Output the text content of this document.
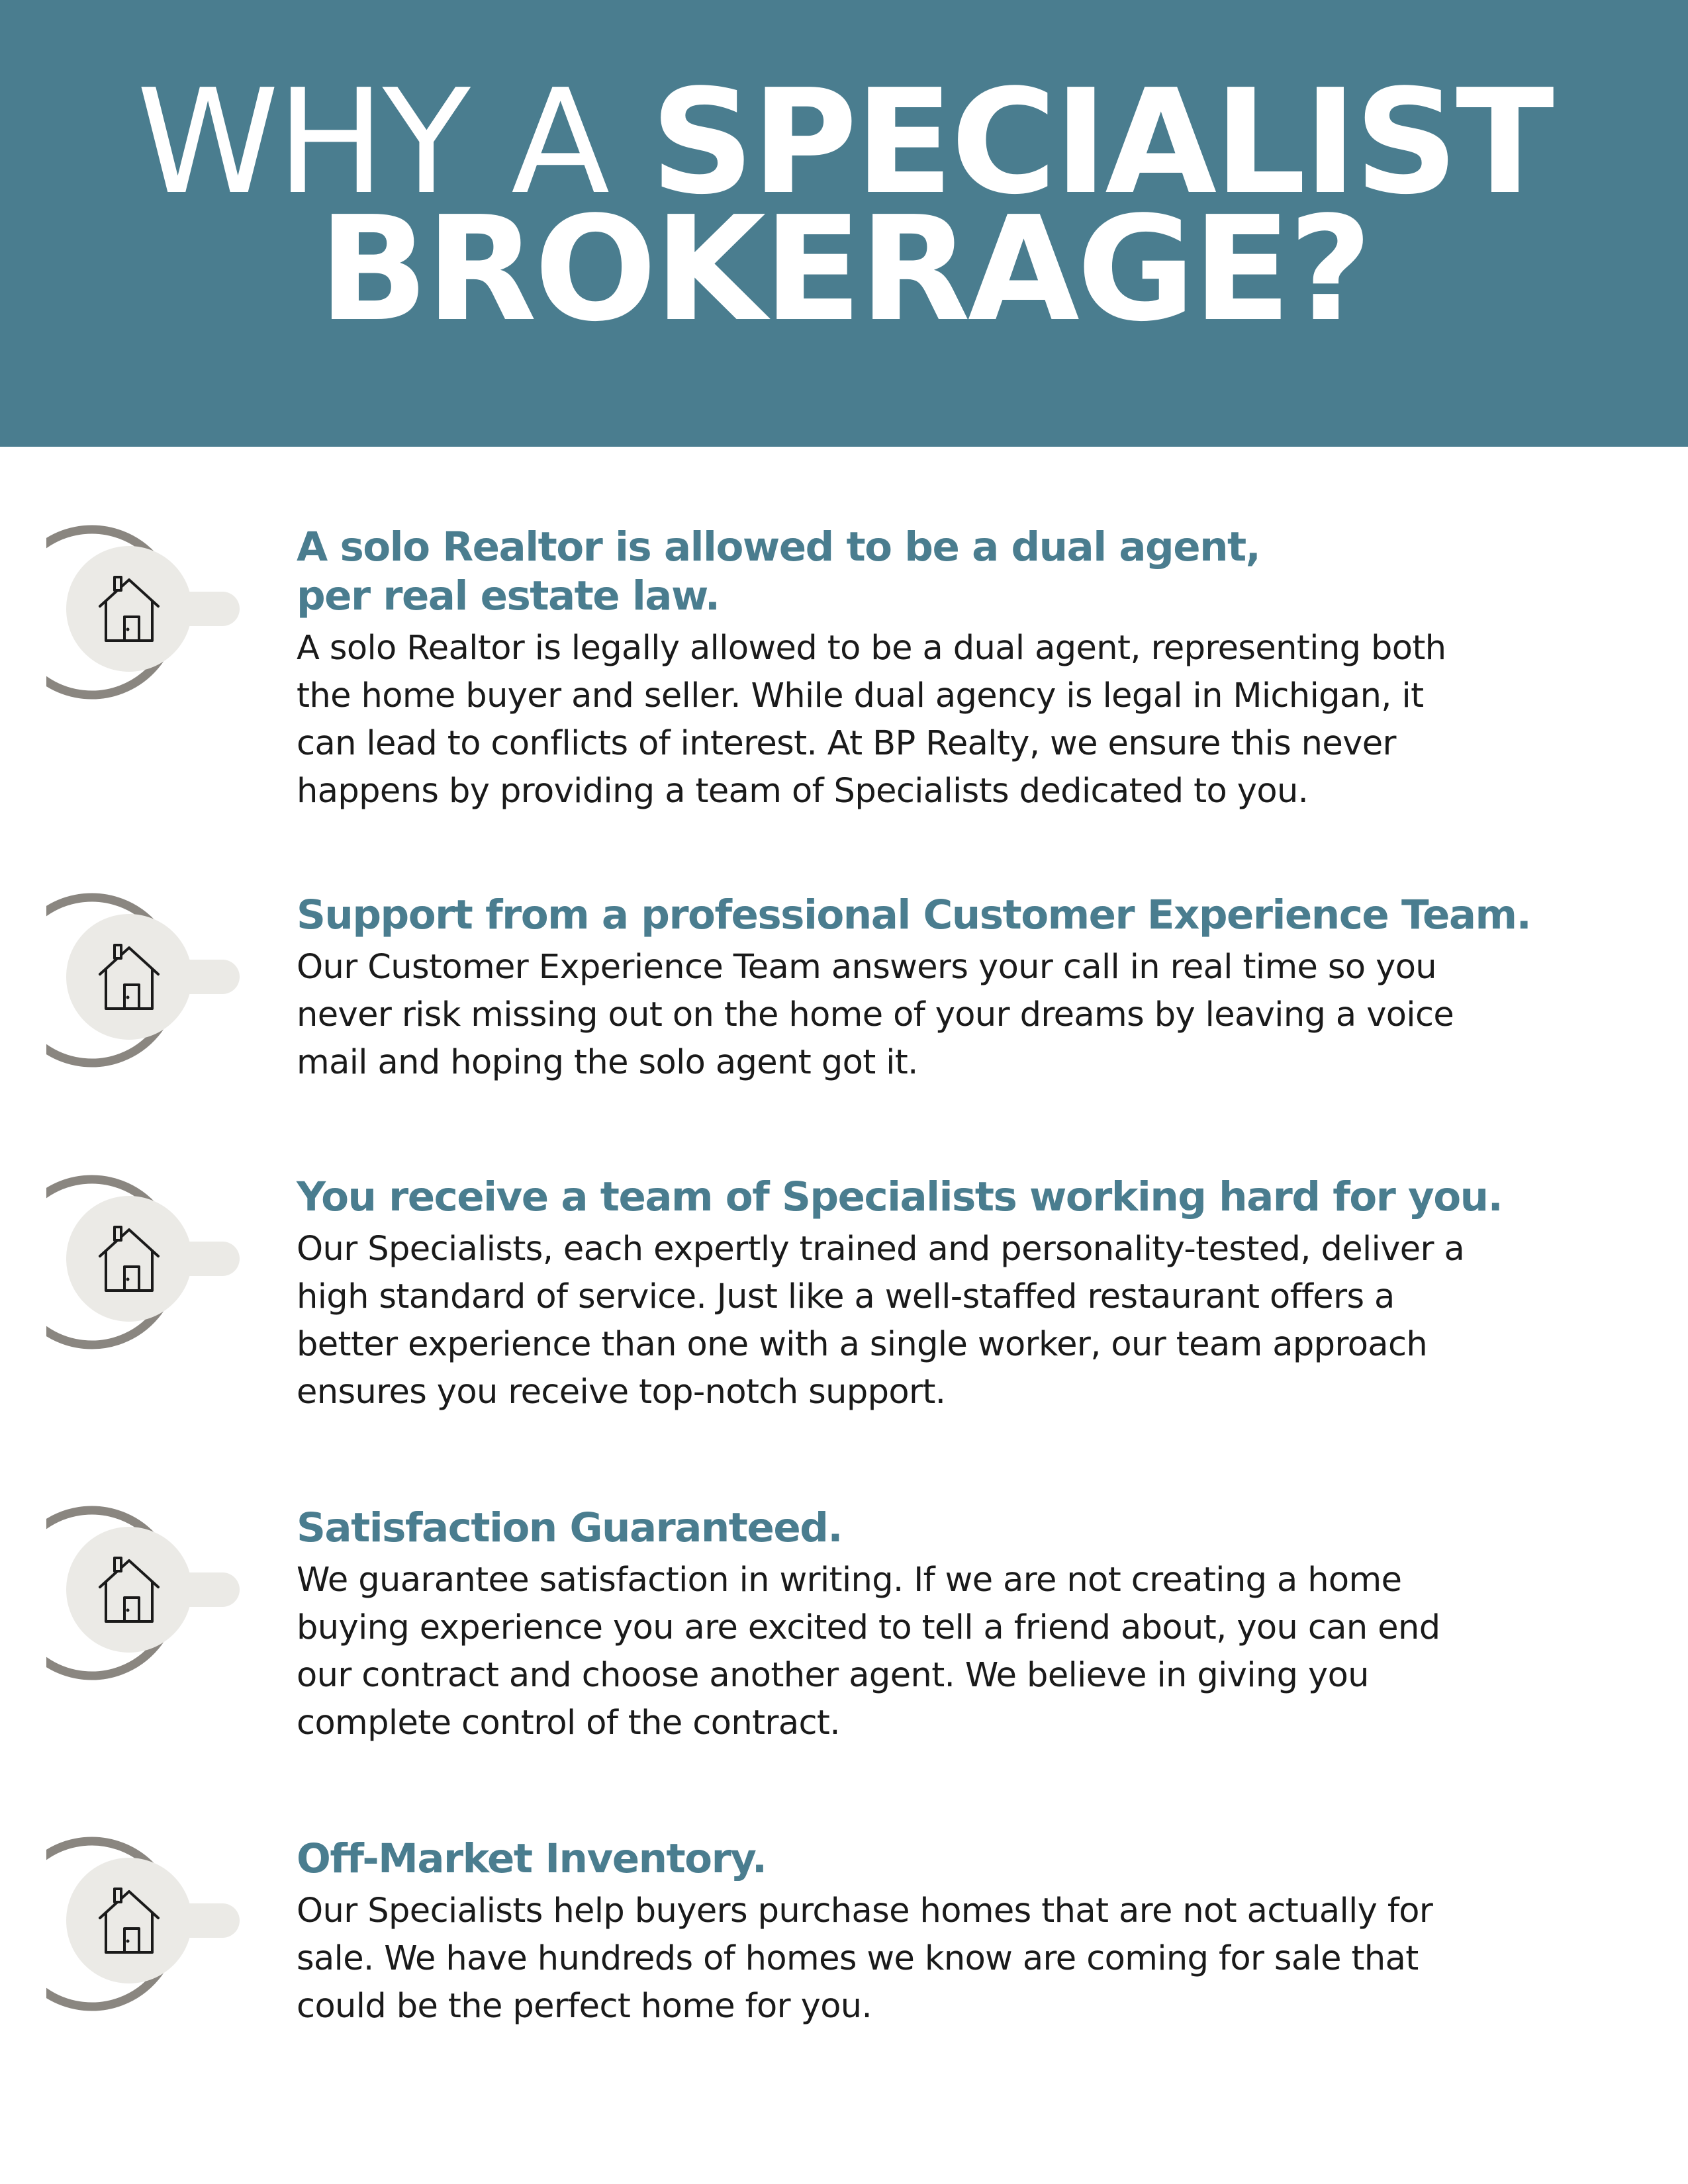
WHY A SPECIALIST
BROKERAGE?
A solo Realtor is allowed to be a dual agent,
per real estate law.

A solo Realtor is legally allowed to be a dual agent, representing both
the home buyer and seller. While dual agency is legal in Michigan, it
can lead to conflicts of interest. At BP Realty, we ensure this never
happens by providing a team of Specialists dedicated to you.

Support from a professional Customer Experience Team.

Our Customer Experience Team answers your call in real time so you
never risk missing out on the home of your dreams by leaving a voice
mail and hoping the solo agent got it.

You receive a team of Specialists working hard for you.

Our Specialists, each expertly trained and personality-tested, deliver a
high standard of service. Just like a well-staffed restaurant offers a
better experience than one with a single worker, our team approach
ensures you receive top-notch support.

Satisfaction Guaranteed.

We guarantee satisfaction in writing. If we are not creating a home
buying experience you are excited to tell a friend about, you can end
our contract and choose another agent. We believe in giving you
complete control of the contract.

Off-Market Inventory.

Our Specialists help buyers purchase homes that are not actually for
sale. We have hundreds of homes we know are coming for sale that
could be the perfect home for you.
